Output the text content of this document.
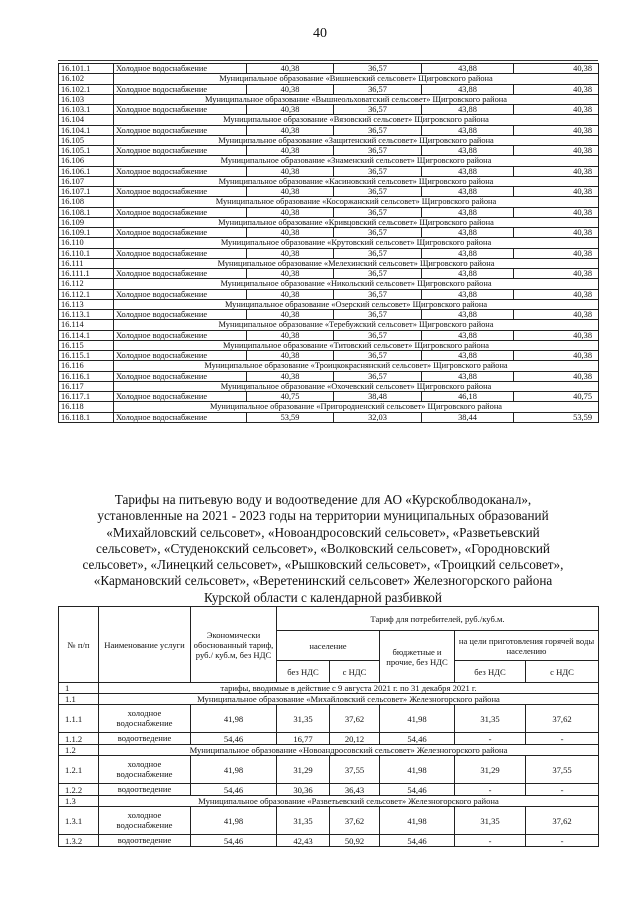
40
16.101.1	Холодное водоснабжение	40,38	36,57	43,88	40,38
16.102	Муниципальное образование «Вишневский сельсовет» Щигровского района				
16.102.1	Холодное водоснабжение	40,38	36,57	43,88	40,38
16.103	Муниципальное образование «Вышнеольховатский сельсовет» Щигровского района				
16.103.1	Холодное водоснабжение	40,38	36,57	43,88	40,38
16.104	Муниципальное образование «Вязовский сельсовет» Щигровского района				
16.104.1	Холодное водоснабжение	40,38	36,57	43,88	40,38
16.105	Муниципальное образование «Защитенский сельсовет» Щигровского района				
16.105.1	Холодное водоснабжение	40,38	36,57	43,88	40,38
16.106	Муниципальное образование «Знаменский сельсовет» Щигровского района				
16.106.1	Холодное водоснабжение	40,38	36,57	43,88	40,38
16.107	Муниципальное образование «Касиновский сельсовет» Щигровского района				
16.107.1	Холодное водоснабжение	40,38	36,57	43,88	40,38
16.108	Муниципальное образование «Косоржанский сельсовет» Щигровского района				
16.108.1	Холодное водоснабжение	40,38	36,57	43,88	40,38
16.109	Муниципальное образование «Кривцовский сельсовет» Щигровского района				
16.109.1	Холодное водоснабжение	40,38	36,57	43,88	40,38
16.110	Муниципальное образование «Крутовский сельсовет» Щигровского района				
16.110.1	Холодное водоснабжение	40,38	36,57	43,88	40,38
16.111	Муниципальное образование «Мелехинский сельсовет» Щигровского района				
16.111.1	Холодное водоснабжение	40,38	36,57	43,88	40,38
16.112	Муниципальное образование «Никольский сельсовет» Щигровского района				
16.112.1	Холодное водоснабжение	40,38	36,57	43,88	40,38
16.113	Муниципальное образование «Озерский сельсовет» Щигровского района				
16.113.1	Холодное водоснабжение	40,38	36,57	43,88	40,38
16.114	Муниципальное образование «Теребужский сельсовет» Щигровского района				
16.114.1	Холодное водоснабжение	40,38	36,57	43,88	40,38
16.115	Муниципальное образование «Титовский сельсовет» Щигровского района				
16.115.1	Холодное водоснабжение	40,38	36,57	43,88	40,38
16.116	Муниципальное образование «Троицкокраснянский сельсовет» Щигровского района				
16.116.1	Холодное водоснабжение	40,38	36,57	43,88	40,38
16.117	Муниципальное образование «Охочевский сельсовет» Щигровского района				
16.117.1	Холодное водоснабжение	40,75	38,48	46,18	40,75
16.118	Муниципальное образование «Пригородненский сельсовет» Щигровского района				
16.118.1	Холодное водоснабжение	53,59	32,03	38,44	53,59
Тарифы на питьевую воду и водоотведение для АО «Курскоблводоканал»,
установленные на 2021 - 2023 годы на территории муниципальных образований
«Михайловский сельсовет», «Новоандросовский сельсовет», «Разветьевский
сельсовет», «Студенокский сельсовет», «Волковский сельсовет», «Городновский
сельсовет», «Линецкий сельсовет», «Рышковский сельсовет», «Троицкий сельсовет»,
«Кармановский сельсовет», «Веретенинский сельсовет» Железногорского района
Курской области с календарной разбивкой
№ п/п	Наименование услуги	Экономически обоснованный тариф, руб./ куб.м, без НДС	Тариф для потребителей, руб./куб.м.				
			население		бюджетные и прочие, без НДС	на цели приготовления горячей воды населению	
			без НДС	с НДС		без НДС	с НДС
1	тарифы, вводимые в действие с 9 августа 2021 г. по 31 декабря 2021 г.						
1.1	Муниципальное образование «Михайловский сельсовет» Железногорского района						
1.1.1	холодное водоснабжение	41,98	31,35	37,62	41,98	31,35	37,62
1.1.2	водоотведение	54,46	16,77	20,12	54,46	-	-
1.2	Муниципальное образование «Новоандросовский сельсовет» Железногорского района						
1.2.1	холодное водоснабжение	41,98	31,29	37,55	41,98	31,29	37,55
1.2.2	водоотведение	54,46	30,36	36,43	54,46	-	-
1.3	Муниципальное образование «Разветьевский сельсовет» Железногорского района						
1.3.1	холодное водоснабжение	41,98	31,35	37,62	41,98	31,35	37,62
1.3.2	водоотведение	54,46	42,43	50,92	54,46	-	-
